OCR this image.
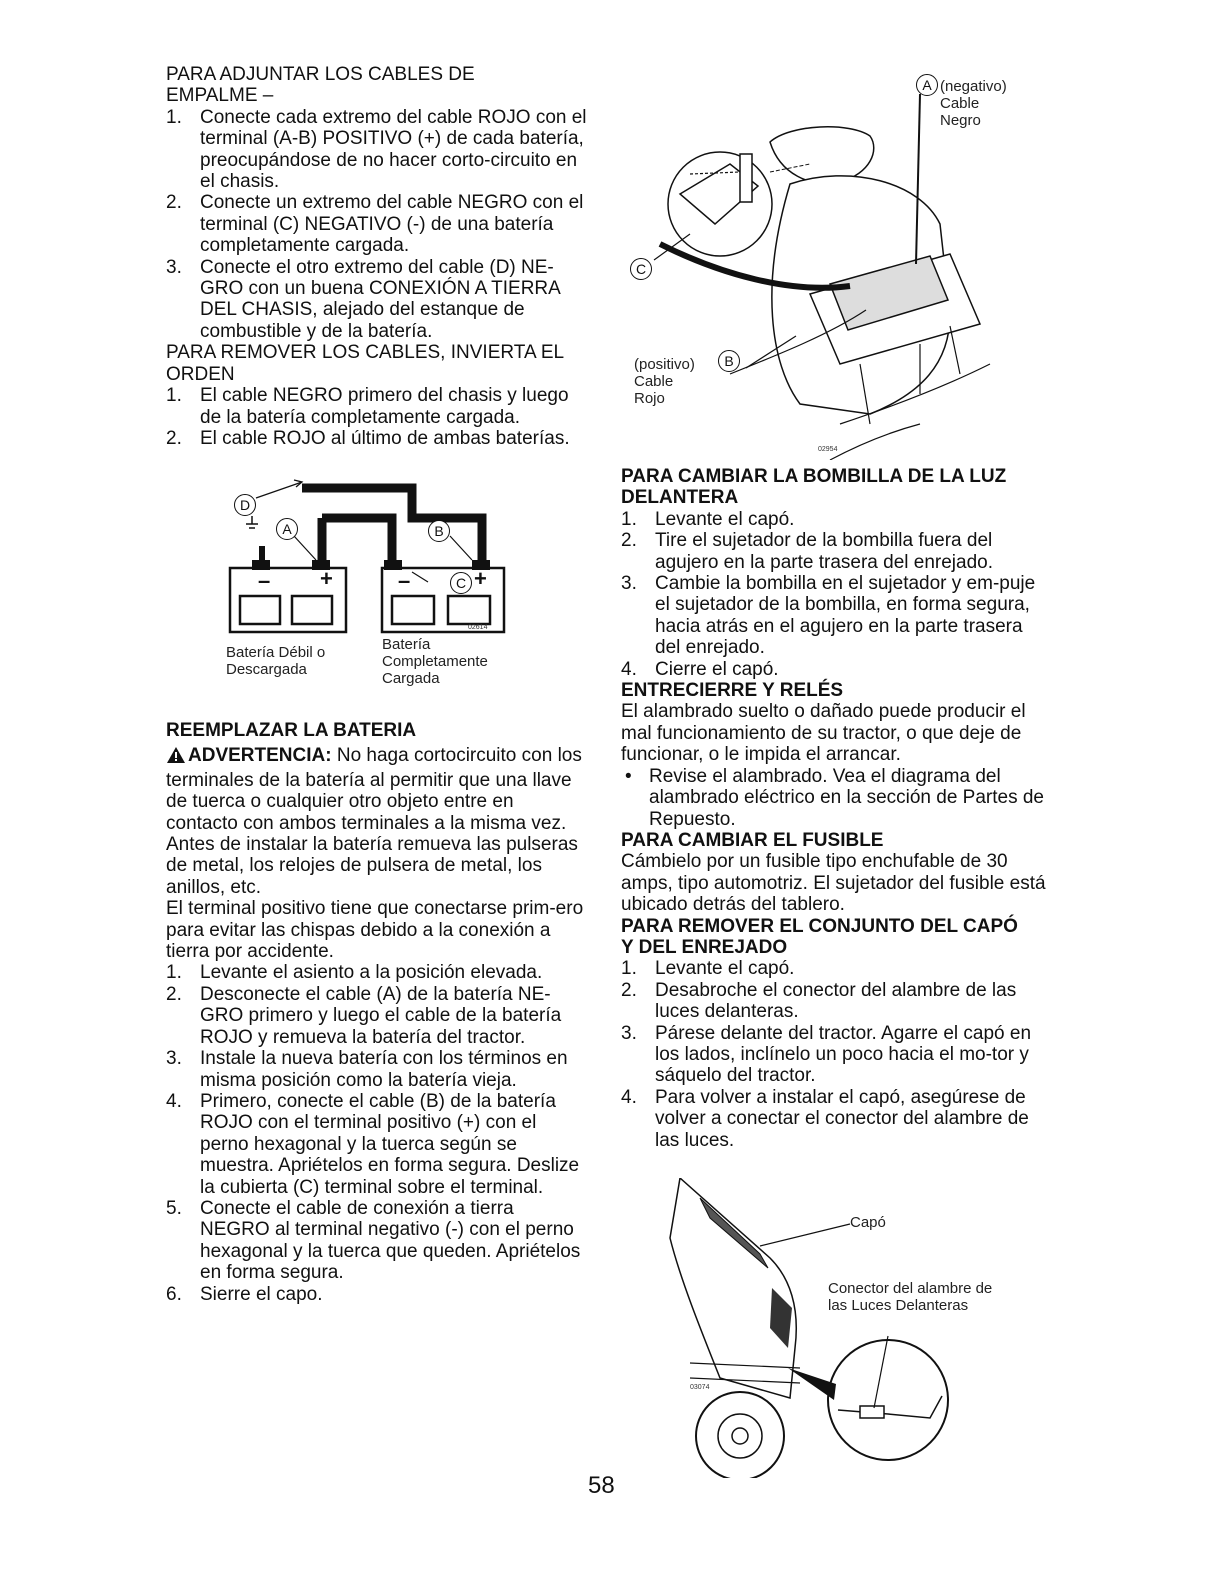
PARA ADJUNTAR LOS CABLES DE

EMPALME –

1. Conecte cada extremo del cable ROJO con el terminal (A-B) POSITIVO (+) de cada batería, preocupándose de no hacer corto-circuito en el chasis.
2. Conecte un extremo del cable NEGRO con el terminal (C) NEGATIVO (-) de una batería completamente cargada.
3. Conecte el otro extremo del cable (D) NE-GRO con un buena CONEXIÓN A TIERRA DEL CHASIS, alejado del estanque de combustible y de la batería.

PARA REMOVER LOS CABLES, INVIERTA EL

ORDEN

1. El cable NEGRO primero del chasis y luego de la batería completamente cargada.
2. El cable ROJO al último de ambas baterías.
D
A	B
C
– +	–	+
02614
Batería Débil o
Descargada
Batería
Completamente
Cargada

REEMPLAZAR LA BATERIA

ADVERTENCIA: No haga cortocircuito con los terminales de la batería al permitir que una llave de tuerca o cualquier otro objeto entre en contacto con ambos terminales a la misma vez. Antes de instalar la batería remueva las pulseras de metal, los relojes de pulsera de metal, los anillos, etc.

El terminal positivo tiene que conectarse prim-ero para evitar las chispas debido a la conexión a tierra por accidente.

1. Levante el asiento a la posición elevada.
2. Desconecte el cable (A) de la batería NE-GRO primero y luego el cable de la batería ROJO y remueva la batería del tractor.
3. Instale la nueva batería con los términos en misma posición como la batería vieja.
4. Primero, conecte el cable (B) de la batería ROJO con el terminal positivo (+) con el perno hexagonal y la tuerca según se muestra. Apriételos en forma segura. Deslize la cubierta (C) terminal sobre el terminal.
5. Conecte el cable de conexión a tierra NEGRO al terminal negativo (-) con el perno hexagonal y la tuerca que queden. Apriételos en forma segura.
6. Sierre el capo.
A
C
B
(negativo)
Cable
Negro
(positivo)
Cable
Rojo
02954

PARA CAMBIAR LA BOMBILLA DE LA LUZ

DELANTERA

1. Levante el capó.
2. Tire el sujetador de la bombilla fuera del agujero en la parte trasera del enrejado.
3. Cambie la bombilla en el sujetador y em-puje el sujetador de la bombilla, en forma segura, hacia atrás en el agujero en la parte trasera del enrejado.
4. Cierre el capó.

ENTRECIERRE Y RELÉS

El alambrado suelto o dañado puede producir el mal funcionamiento de su tractor, o que deje de funcionar, o le impida el arrancar.

• Revise el alambrado. Vea el diagrama del alambrado eléctrico en la sección de Partes de Repuesto.

PARA CAMBIAR EL FUSIBLE

Cámbielo por un fusible tipo enchufable de 30 amps, tipo automotriz. El sujetador del fusible está ubicado detrás del tablero.

PARA REMOVER EL CONJUNTO DEL CAPÓ

Y DEL ENREJADO

1. Levante el capó.
2. Desabroche el conector del alambre de las luces delanteras.
3. Párese delante del tractor. Agarre el capó en los lados, inclínelo un poco hacia el mo-tor y sáquelo del tractor.
4. Para volver a instalar el capó, asegúrese de volver a conectar el conector del alambre de las luces.
Capó
Conector del alambre de
las Luces Delanteras
03074
58
